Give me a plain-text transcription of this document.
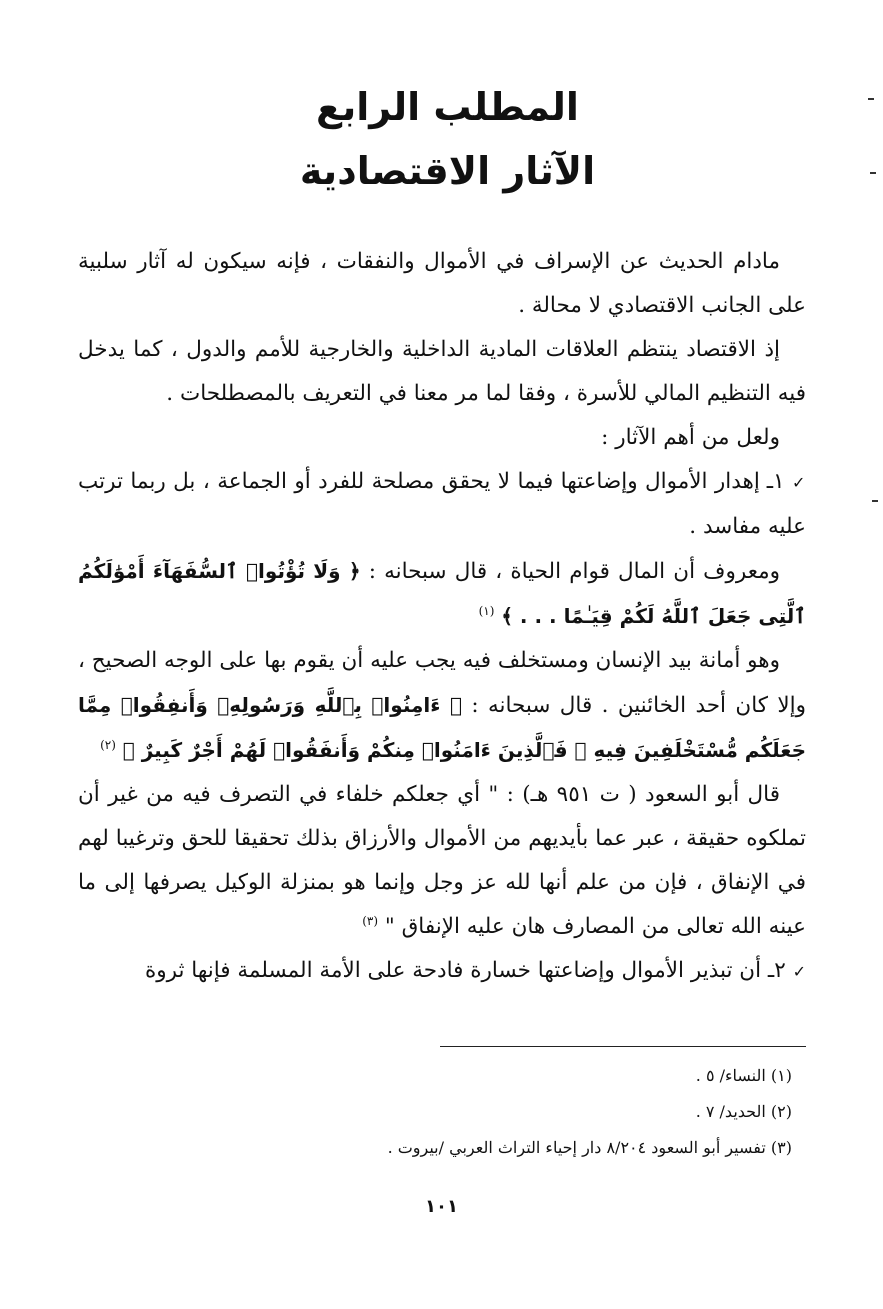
المطلب الرابع
الآثار الاقتصادية

مادام الحديث عن الإسراف في الأموال والنفقات ، فإنه سيكون له آثار سلبية على الجانب الاقتصادي لا محالة .

إذ الاقتصاد ينتظم العلاقات المادية الداخلية والخارجية للأمم والدول ، كما يدخل فيه التنظيم المالي للأسرة ، وفقا لما مر معنا في التعريف بالمصطلحات .

ولعل من أهم الآثار :

✓ ١ـ إهدار الأموال وإضاعتها فيما لا يحقق مصلحة للفرد أو الجماعة ، بل ربما ترتب عليه مفاسد .

ومعروف أن المال قوام الحياة ، قال سبحانه : ﴿ وَلَا تُؤْتُوا۟ ٱلسُّفَهَآءَ أَمْوَٰلَكُمُ ٱلَّتِى جَعَلَ ٱللَّهُ لَكُمْ قِيَـٰمًا . . . ﴾ $^{(١)}$

وهو أمانة بيد الإنسان ومستخلف فيه يجب عليه أن يقوم بها على الوجه الصحيح ، وإلا كان أحد الخائنين . قال سبحانه : ﴿ ءَامِنُوا۟ بِٱللَّهِ وَرَسُولِهِۦ وَأَنفِقُوا۟ مِمَّا جَعَلَكُم مُّسْتَخْلَفِينَ فِيهِ ۖ فَٱلَّذِينَ ءَامَنُوا۟ مِنكُمْ وَأَنفَقُوا۟ لَهُمْ أَجْرٌ كَبِيرٌ ﴾ $^{(٢)}$

قال أبو السعود ( ت ٩٥١ هـ) : " أي جعلكم خلفاء في التصرف فيه من غير أن تملكوه حقيقة ، عبر عما بأيديهم من الأموال والأرزاق بذلك تحقيقا للحق وترغيبا لهم في الإنفاق ، فإن من علم أنها لله عز وجل وإنما هو بمنزلة الوكيل يصرفها إلى ما عينه الله تعالى من المصارف هان عليه الإنفاق " $^{(٣)}$

✓ ٢ـ أن تبذير الأموال وإضاعتها خسارة فادحة على الأمة المسلمة فإنها ثروة

(١) النساء/ ٥ .
(٢) الحديد/ ٧ .
(٣) تفسير أبو السعود ٨/٢٠٤ دار إحياء التراث العربي /بيروت .
١٠١
